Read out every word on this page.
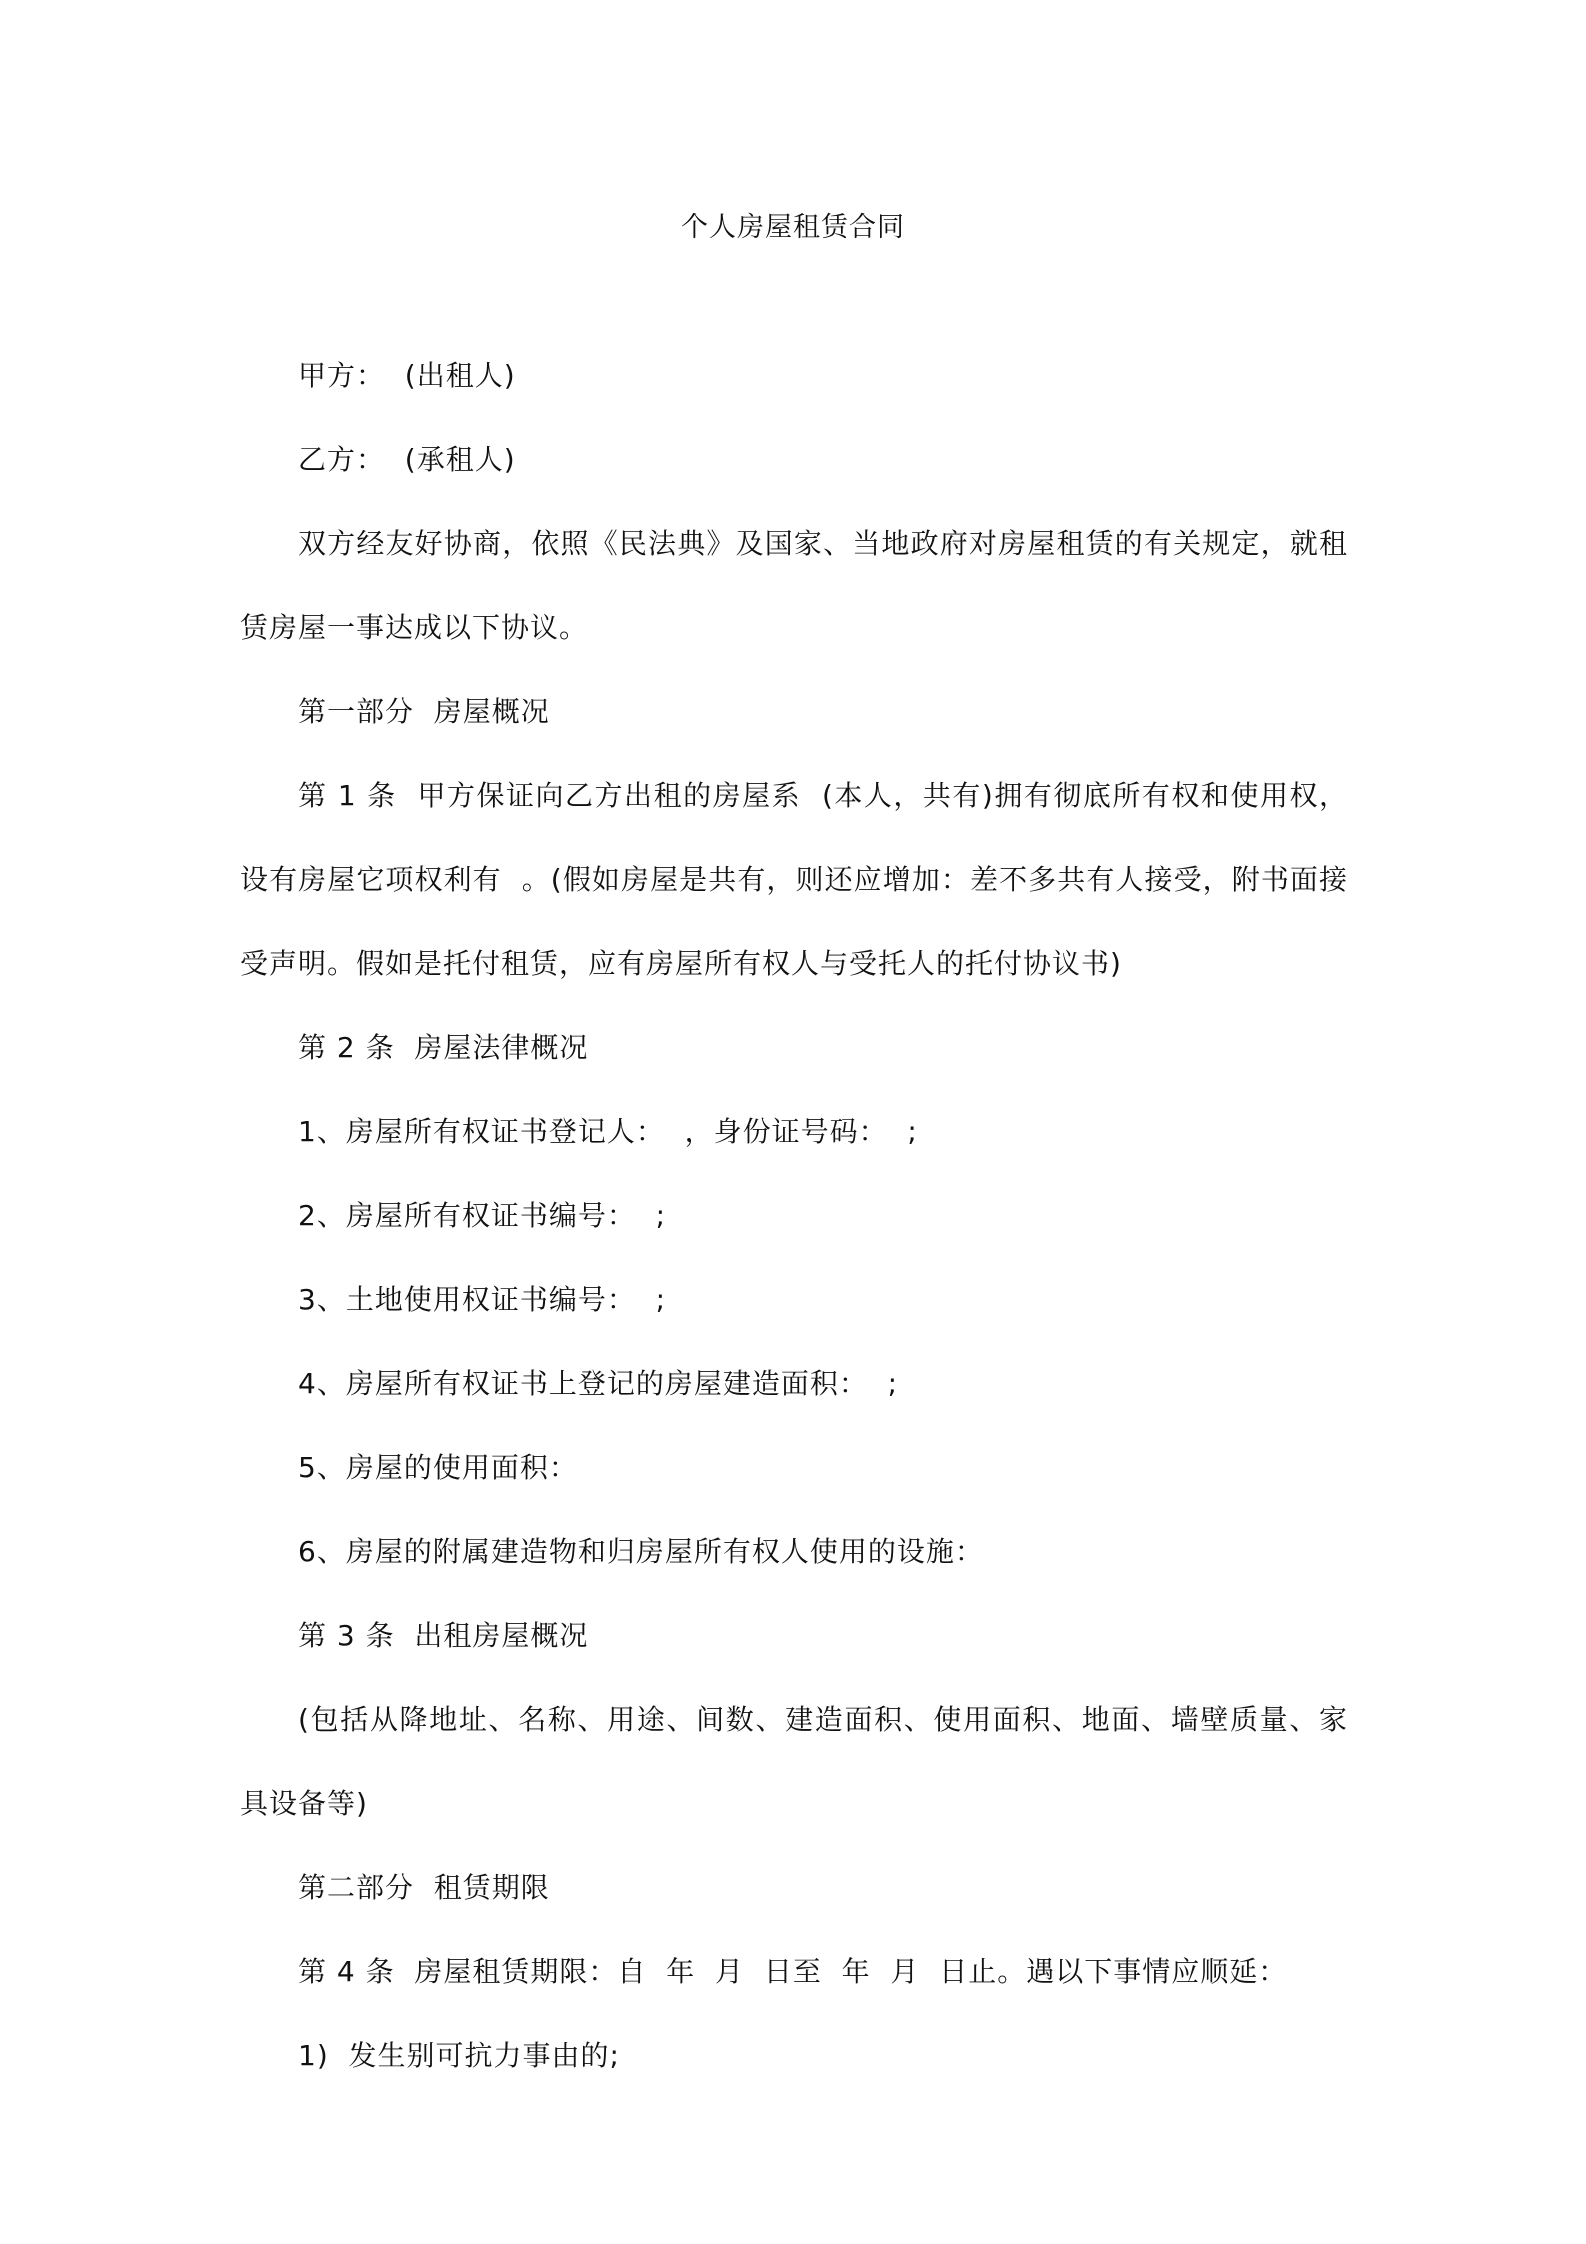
个人房屋租赁合同

甲方：  (出租人)

乙方：  (承租人)

双方经友好协商，依照《民法典》及国家、当地政府对房屋租赁的有关规定，就租赁房屋一事达成以下协议。

第一部分  房屋概况

第 1 条  甲方保证向乙方出租的房屋系  (本人，共有)拥有彻底所有权和使用权，设有房屋它项权利有  。(假如房屋是共有，则还应增加：差不多共有人接受，附书面接受声明。假如是托付租赁，应有房屋所有权人与受托人的托付协议书)

第 2 条  房屋法律概况

1、房屋所有权证书登记人：  ，身份证号码：  ;

2、房屋所有权证书编号：  ;

3、土地使用权证书编号：  ;

4、房屋所有权证书上登记的房屋建造面积：  ;

5、房屋的使用面积：

6、房屋的附属建造物和归房屋所有权人使用的设施：

第 3 条  出租房屋概况

(包括从降地址、名称、用途、间数、建造面积、使用面积、地面、墙壁质量、家具设备等)

第二部分  租赁期限

第 4 条  房屋租赁期限：自  年  月  日至  年  月  日止。遇以下事情应顺延：

1)  发生别可抗力事由的;
